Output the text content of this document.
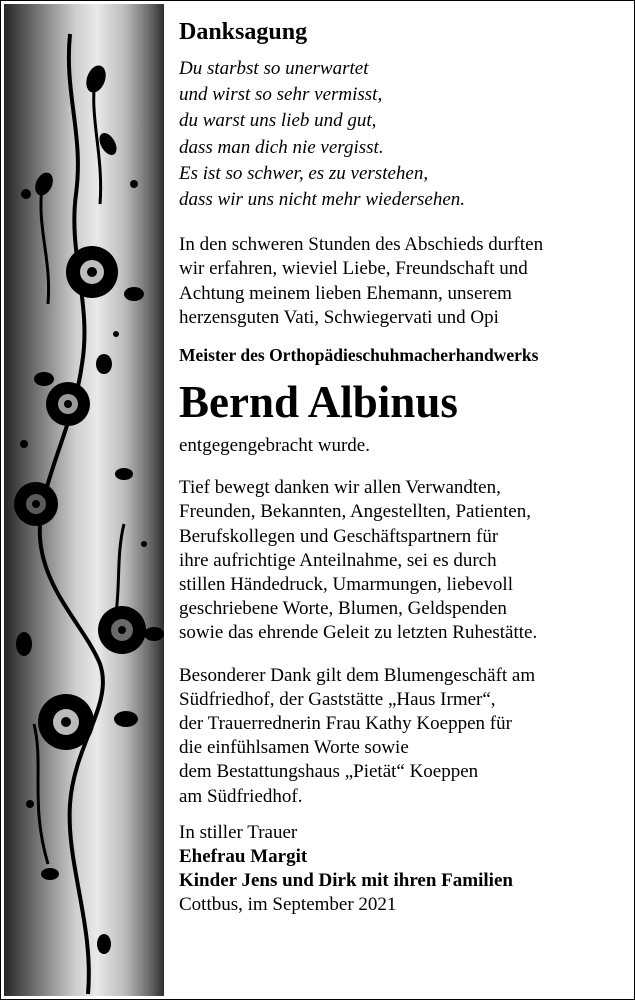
Danksagung
Du starbst so unerwartet
und wirst so sehr vermisst,
du warst uns lieb und gut,
dass man dich nie vergisst.
Es ist so schwer, es zu verstehen,
dass wir uns nicht mehr wiedersehen.
In den schweren Stunden des Abschieds durften
wir erfahren, wieviel Liebe, Freundschaft und
Achtung meinem lieben Ehemann, unserem
herzensguten Vati, Schwiegervati und Opi
Meister des Orthopädieschuhmacherhandwerks
Bernd Albinus
entgegengebracht wurde.
Tief bewegt danken wir allen Verwandten,
Freunden, Bekannten, Angestellten, Patienten,
Berufskollegen und Geschäftspartnern für
ihre aufrichtige Anteilnahme, sei es durch
stillen Händedruck, Umarmungen, liebevoll
geschriebene Worte, Blumen, Geldspenden
sowie das ehrende Geleit zu letzten Ruhestätte.
Besonderer Dank gilt dem Blumengeschäft am
Südfriedhof, der Gaststätte „Haus Irmer“,
der Trauerrednerin Frau Kathy Koeppen für
die einfühlsamen Worte sowie
dem Bestattungshaus „Pietät“ Koeppen
am Südfriedhof.
In stiller Trauer
Ehefrau Margit
Kinder Jens und Dirk mit ihren Familien
Cottbus, im September 2021
